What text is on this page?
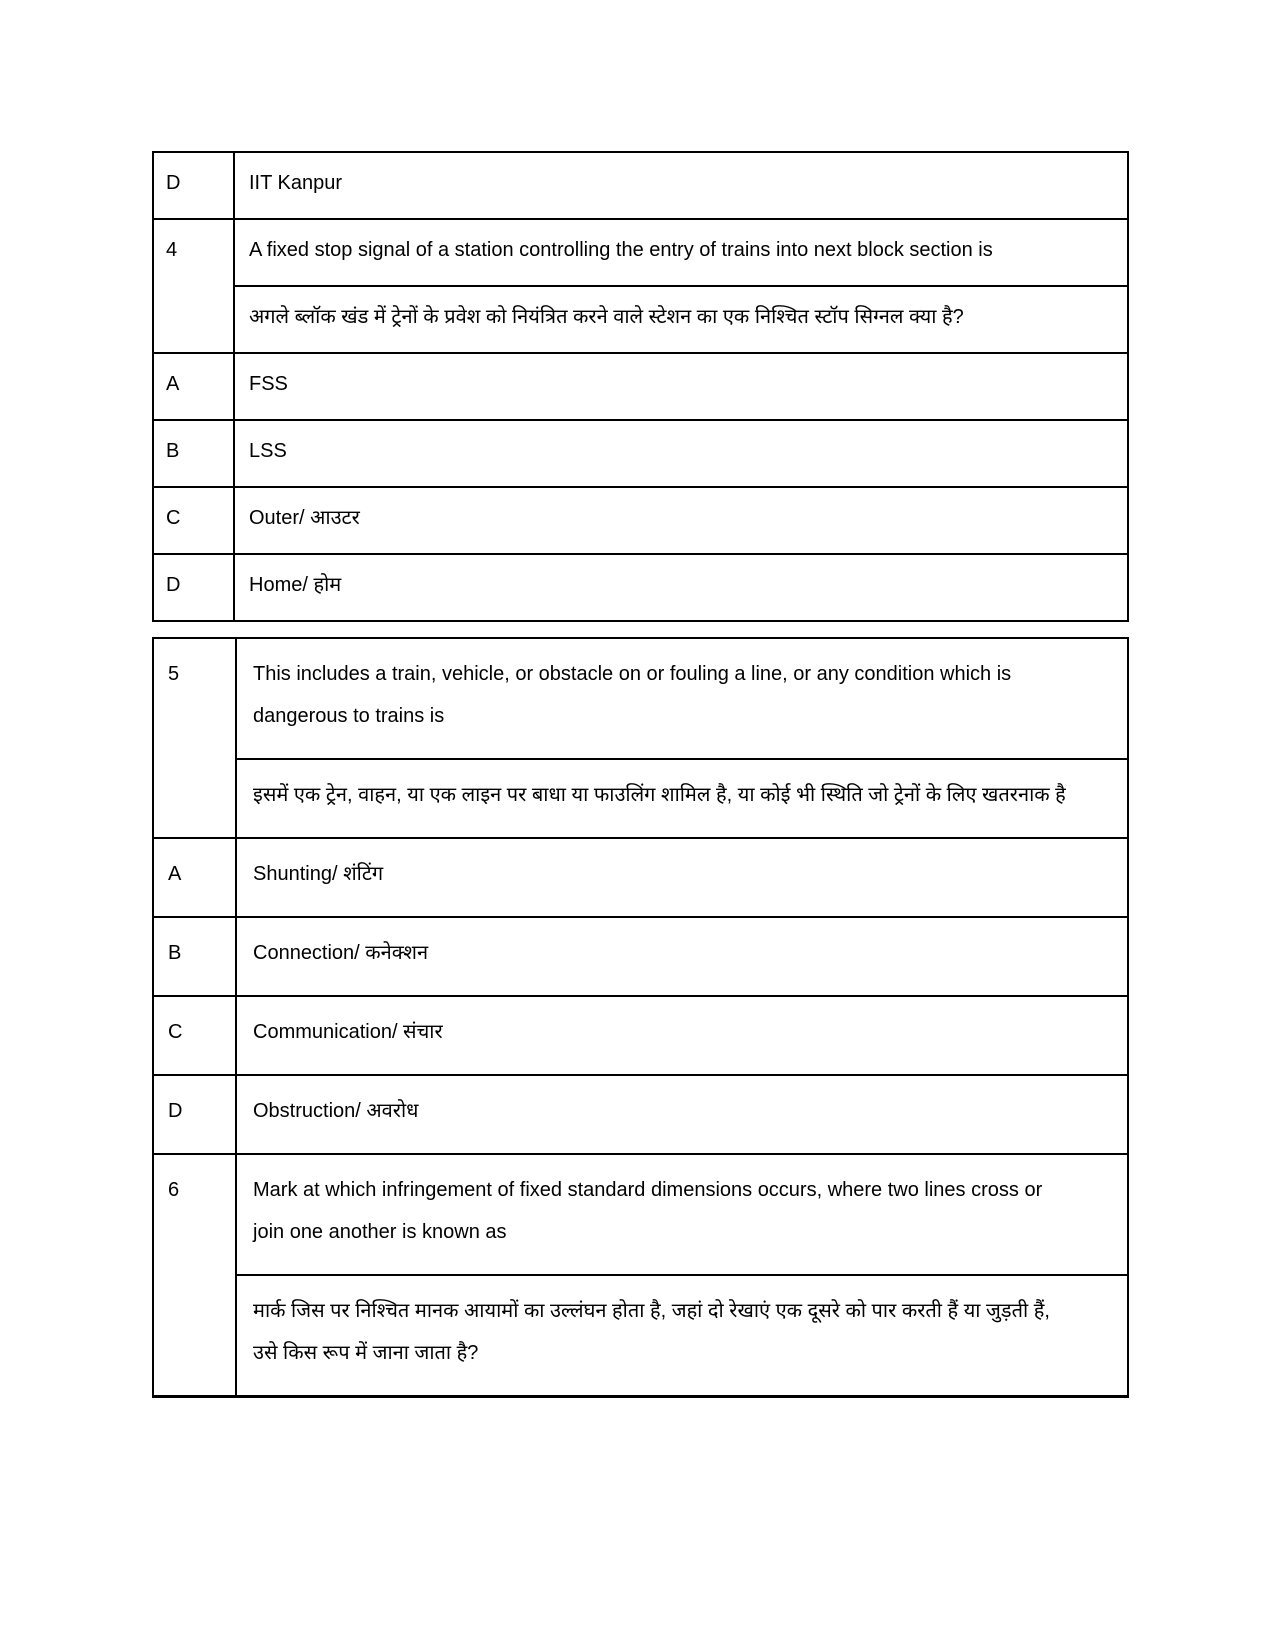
D	IIT Kanpur
4	A fixed stop signal of a station controlling the entry of trains into next block section is
	अगले ब्लॉक खंड में ट्रेनों के प्रवेश को नियंत्रित करने वाले स्टेशन का एक निश्चित स्टॉप सिग्नल क्या है?
A	FSS
B	LSS
C	Outer/ आउटर
D	Home/ होम
5	This includes a train, vehicle, or obstacle on or fouling a line, or any condition which is dangerous to trains is
	इसमें एक ट्रेन, वाहन, या एक लाइन पर बाधा या फाउलिंग शामिल है, या कोई भी स्थिति जो ट्रेनों के लिए खतरनाक है
A	Shunting/ शंटिंग
B	Connection/ कनेक्शन
C	Communication/ संचार
D	Obstruction/ अवरोध
6	Mark at which infringement of fixed standard dimensions occurs, where two lines cross or join one another is known as
	मार्क जिस पर निश्चित मानक आयामों का उल्लंघन होता है, जहां दो रेखाएं एक दूसरे को पार करती हैं या जुड़ती हैं, उसे किस रूप में जाना जाता है?
